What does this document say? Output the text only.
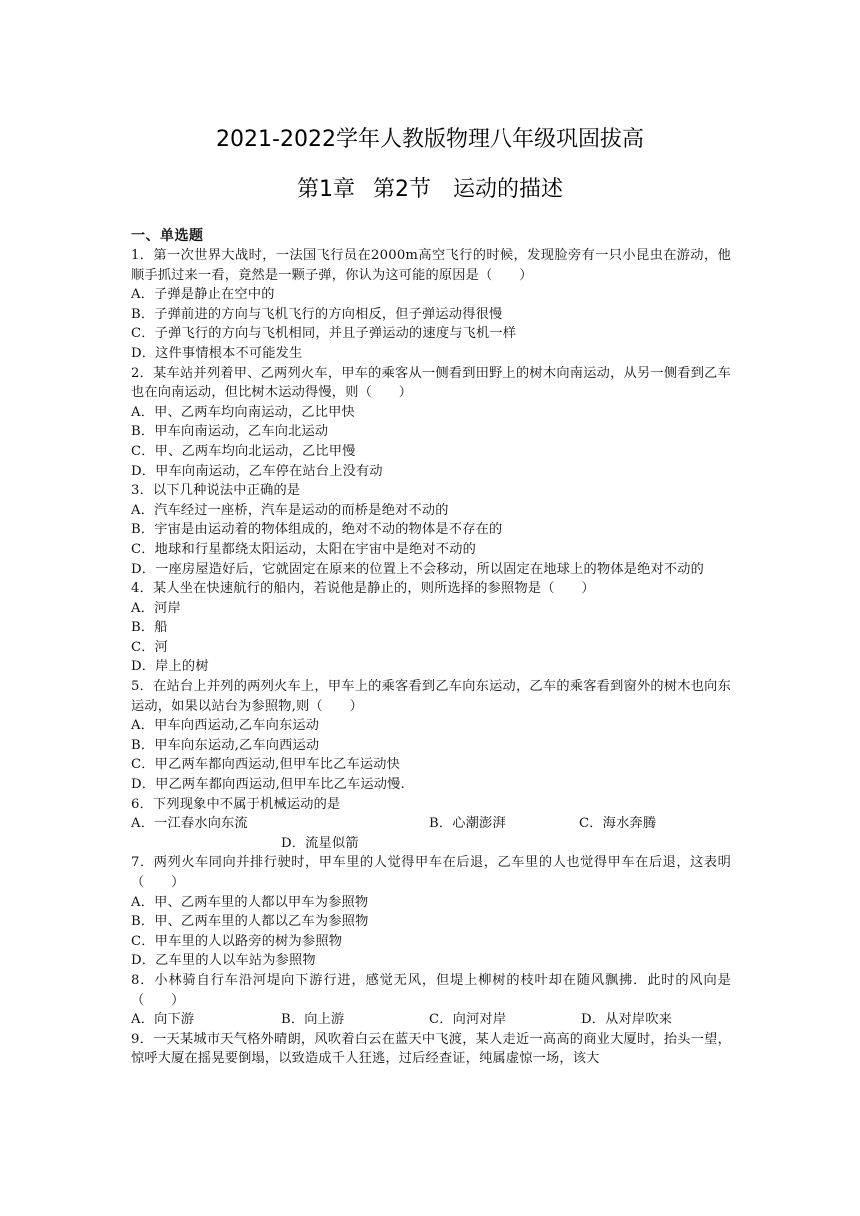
2021-2022学年人教版物理八年级巩固拔高
第1章 第2节 运动的描述
一、单选题
1．第一次世界大战时，一法国飞行员在2000m高空飞行的时候，发现脸旁有一只小昆虫在游动，他顺手抓过来一看，竟然是一颗子弹，你认为这可能的原因是（　　）
A．子弹是静止在空中的
B．子弹前进的方向与飞机飞行的方向相反，但子弹运动得很慢
C．子弹飞行的方向与飞机相同，并且子弹运动的速度与飞机一样
D．这件事情根本不可能发生
2．某车站并列着甲、乙两列火车，甲车的乘客从一侧看到田野上的树木向南运动，从另一侧看到乙车也在向南运动，但比树木运动得慢，则（　　）
A．甲、乙两车均向南运动，乙比甲快
B．甲车向南运动，乙车向北运动
C．甲、乙两车均向北运动，乙比甲慢
D．甲车向南运动，乙车停在站台上没有动
3．以下几种说法中正确的是
A．汽车经过一座桥，汽车是运动的而桥是绝对不动的
B．宇宙是由运动着的物体组成的，绝对不动的物体是不存在的
C．地球和行星都绕太阳运动，太阳在宇宙中是绝对不动的
D．一座房屋造好后，它就固定在原来的位置上不会移动，所以固定在地球上的物体是绝对不动的
4．某人坐在快速航行的船内，若说他是静止的，则所选择的参照物是（　　）
A．河岸
B．船
C．河
D．岸上的树
5．在站台上并列的两列火车上，甲车上的乘客看到乙车向东运动，乙车的乘客看到窗外的树木也向东运动，如果以站台为参照物,则（　　）
A．甲车向西运动,乙车向东运动
B．甲车向东运动,乙车向西运动
C．甲乙两车都向西运动,但甲车比乙车运动快
D．甲乙两车都向西运动,但甲车比乙车运动慢.
6．下列现象中不属于机械运动的是
A．一江春水向东流	B．心潮澎湃	C．海水奔腾
D．流星似箭
7．两列火车同向并排行驶时，甲车里的人觉得甲车在后退，乙车里的人也觉得甲车在后退，这表明（　　）
A．甲、乙两车里的人都以甲车为参照物
B．甲、乙两车里的人都以乙车为参照物
C．甲车里的人以路旁的树为参照物
D．乙车里的人以车站为参照物
8．小林骑自行车沿河堤向下游行进，感觉无风，但堤上柳树的枝叶却在随风飘拂．此时的风向是（　　）
A．向下游	B．向上游	C．向河对岸	D．从对岸吹来
9．一天某城市天气格外晴朗，风吹着白云在蓝天中飞渡，某人走近一高高的商业大厦时，抬头一望，惊呼大厦在摇晃要倒塌，以致造成千人狂逃，过后经查证，纯属虚惊一场，该大
